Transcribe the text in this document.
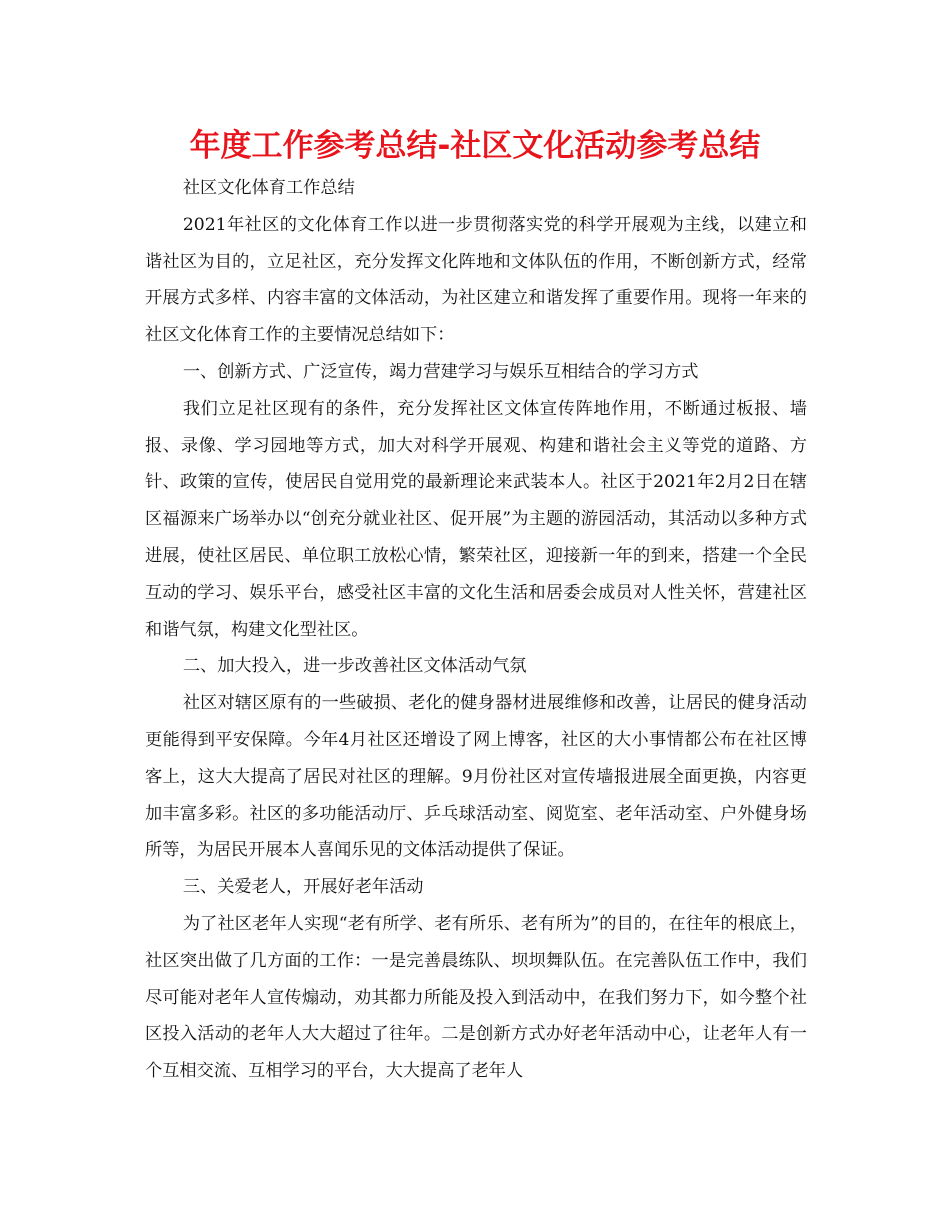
年度工作参考总结-社区文化活动参考总结

社区文化体育工作总结

2021年社区的文化体育工作以进一步贯彻落实党的科学开展观为主线，以建立和谐社区为目的，立足社区，充分发挥文化阵地和文体队伍的作用，不断创新方式，经常开展方式多样、内容丰富的文体活动，为社区建立和谐发挥了重要作用。现将一年来的社区文化体育工作的主要情况总结如下：

一、创新方式、广泛宣传，竭力营建学习与娱乐互相结合的学习方式

我们立足社区现有的条件，充分发挥社区文体宣传阵地作用，不断通过板报、墙报、录像、学习园地等方式，加大对科学开展观、构建和谐社会主义等党的道路、方针、政策的宣传，使居民自觉用党的最新理论来武装本人。社区于2021年2月2日在辖区福源来广场举办以“创充分就业社区、促开展”为主题的游园活动，其活动以多种方式进展，使社区居民、单位职工放松心情，繁荣社区，迎接新一年的到来，搭建一个全民互动的学习、娱乐平台，感受社区丰富的文化生活和居委会成员对人性关怀，营建社区和谐气氛，构建文化型社区。

二、加大投入，进一步改善社区文体活动气氛

社区对辖区原有的一些破损、老化的健身器材进展维修和改善，让居民的健身活动更能得到平安保障。今年4月社区还增设了网上博客，社区的大小事情都公布在社区博客上，这大大提高了居民对社区的理解。9月份社区对宣传墙报进展全面更换，内容更加丰富多彩。社区的多功能活动厅、乒乓球活动室、阅览室、老年活动室、户外健身场所等，为居民开展本人喜闻乐见的文体活动提供了保证。

三、关爱老人，开展好老年活动

为了社区老年人实现“老有所学、老有所乐、老有所为”的目的，在往年的根底上，社区突出做了几方面的工作：一是完善晨练队、坝坝舞队伍。在完善队伍工作中，我们尽可能对老年人宣传煽动，劝其都力所能及投入到活动中，在我们努力下，如今整个社区投入活动的老年人大大超过了往年。二是创新方式办好老年活动中心，让老年人有一个互相交流、互相学习的平台，大大提高了老年人
